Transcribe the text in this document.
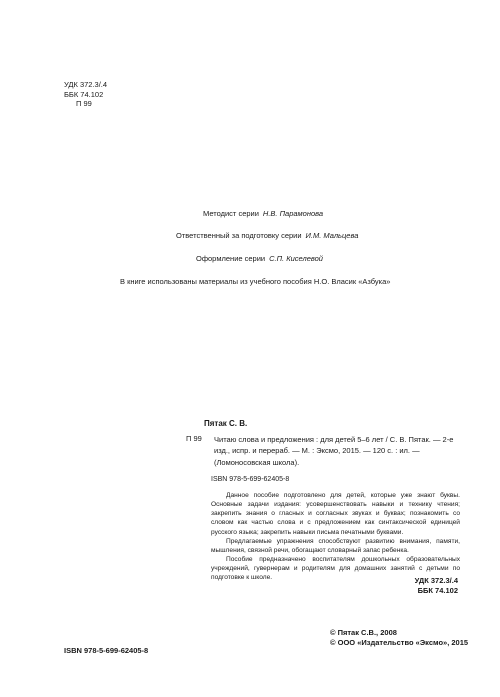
УДК 372.3/.4
ББК 74.102
П 99
Методист серии Н.В. Парамонова
Ответственный за подготовку серии И.М. Мальцева
Оформление серии С.П. Киселевой
В книге использованы материалы из учебного пособия Н.О. Власик «Азбука»
Пятак С. В.
П 99 Читаю слова и предложения : для детей 5–6 лет / С. В. Пятак. — 2-е изд., испр. и перераб. — М. : Эксмо, 2015. — 120 с. : ил. — (Ломоносовская школа).
ISBN 978-5-699-62405-8

Данное пособие подготовлено для детей, которые уже знают буквы. Основные задачи издания: усовершенствовать навыки и технику чтения; закрепить знания о гласных и согласных звуках и буквах; познакомить со словом как частью слова и с предложением как синтаксической единицей русского языка; закрепить навыки письма печатными буквами.

Предлагаемые упражнения способствуют развитию внимания, памяти, мышления, связной речи, обогащают словарный запас ребенка.

Пособие предназначено воспитателям дошкольных образовательных учреждений, гувернерам и родителям для домашних занятий с детьми по подготовке к школе.	УДК 372.3/.4
ББК 74.102
ISBN 978-5-699-62405-8
© Пятак С.В., 2008
© ООО «Издательство «Эксмо», 2015
